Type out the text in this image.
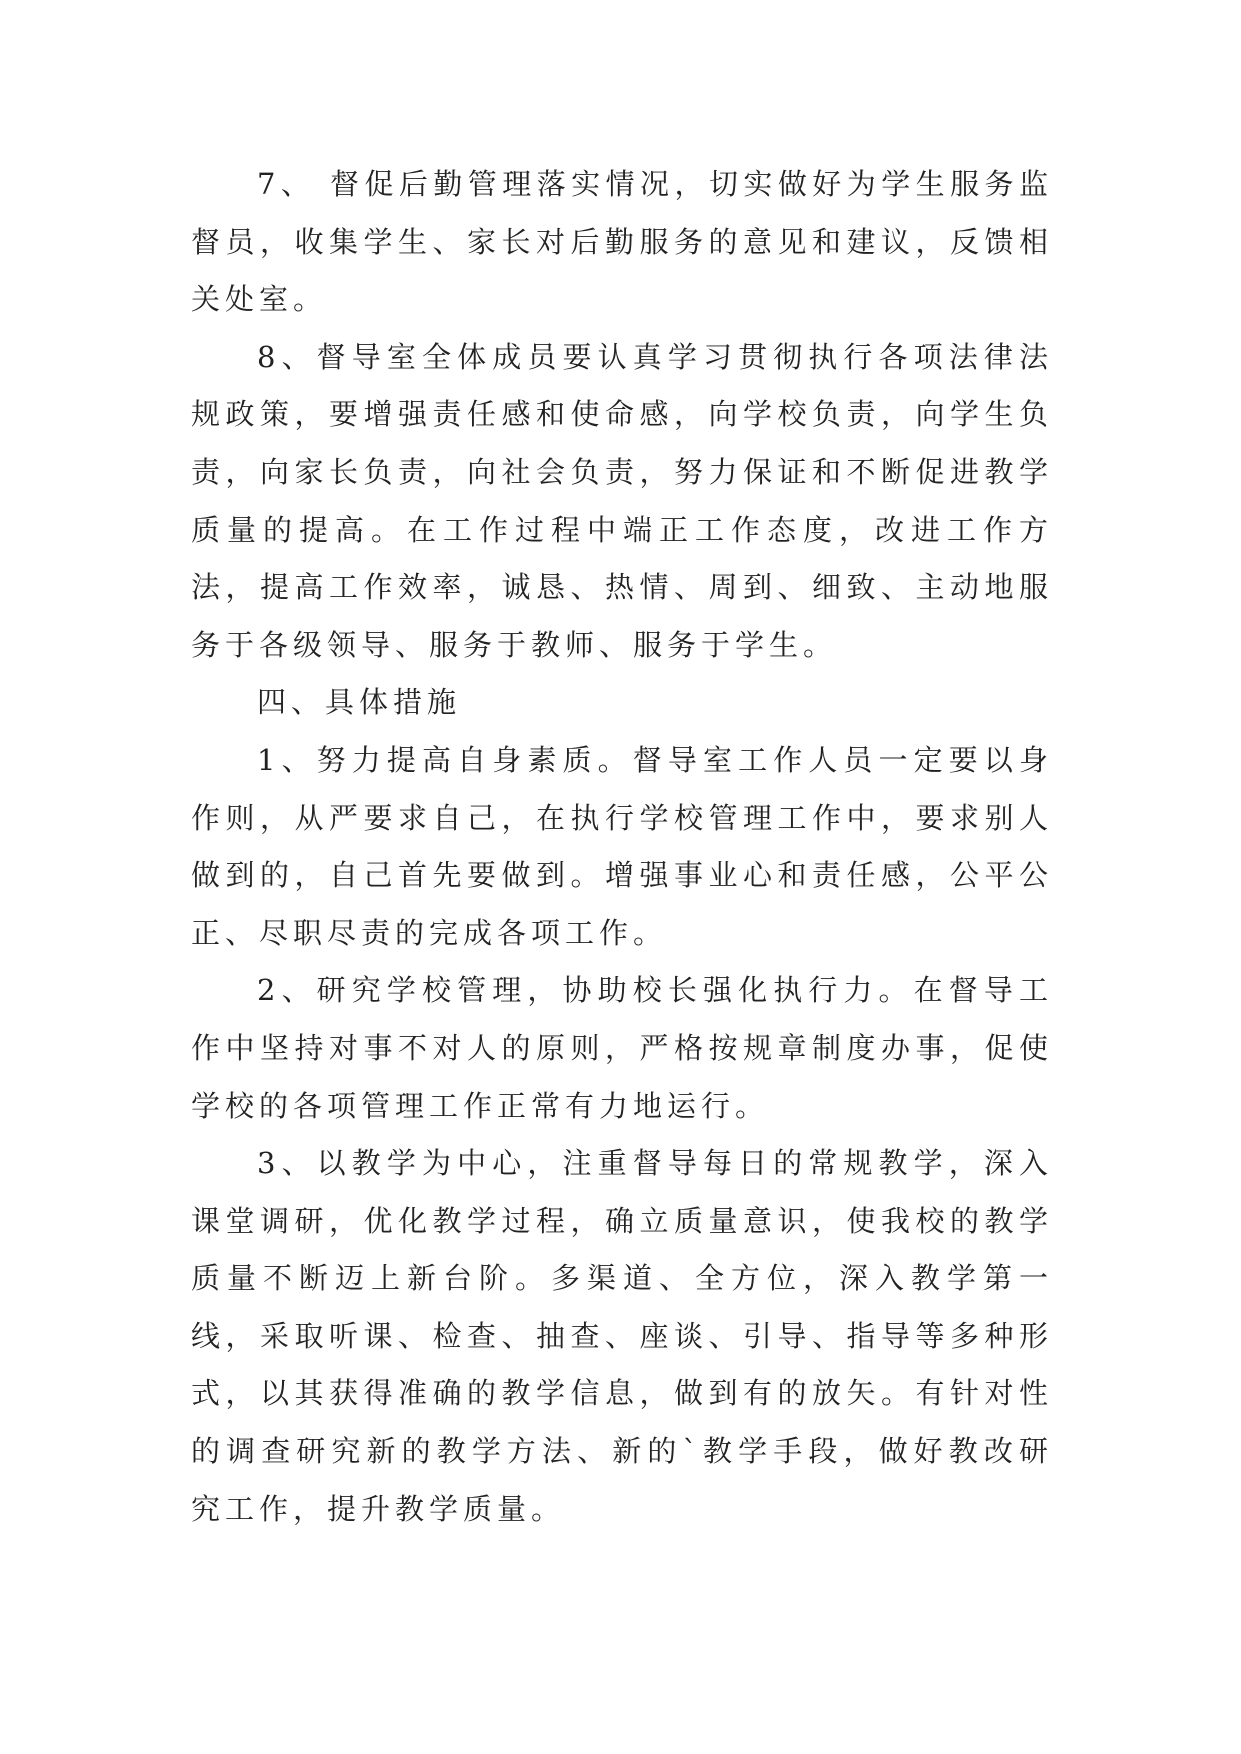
7、 督促后勤管理落实情况，切实做好为学生服务监督员，收集学生、家长对后勤服务的意见和建议，反馈相关处室。

8、督导室全体成员要认真学习贯彻执行各项法律法规政策，要增强责任感和使命感，向学校负责，向学生负责，向家长负责，向社会负责，努力保证和不断促进教学质量的提高。在工作过程中端正工作态度，改进工作方法，提高工作效率，诚恳、热情、周到、细致、主动地服务于各级领导、服务于教师、服务于学生。

四、具体措施

1、努力提高自身素质。督导室工作人员一定要以身作则，从严要求自己，在执行学校管理工作中，要求别人做到的，自己首先要做到。增强事业心和责任感，公平公正、尽职尽责的完成各项工作。

2、研究学校管理，协助校长强化执行力。在督导工作中坚持对事不对人的原则，严格按规章制度办事，促使学校的各项管理工作正常有力地运行。

3、以教学为中心，注重督导每日的常规教学，深入课堂调研，优化教学过程，确立质量意识，使我校的教学质量不断迈上新台阶。多渠道、全方位，深入教学第一线，采取听课、检查、抽查、座谈、引导、指导等多种形式，以其获得准确的教学信息，做到有的放矢。有针对性的调查研究新的教学方法、新的`教学手段，做好教改研究工作，提升教学质量。
